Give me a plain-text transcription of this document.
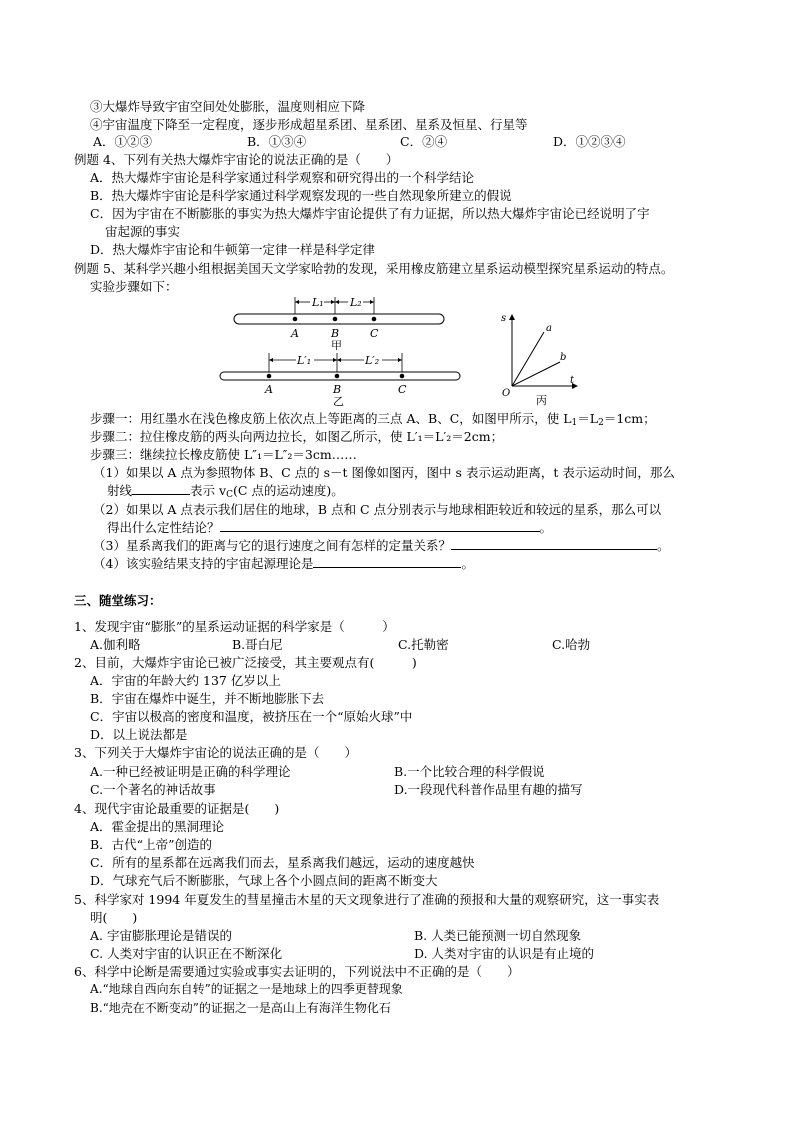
③大爆炸导致宇宙空间处处膨胀，温度则相应下降
④宇宙温度下降至一定程度，逐步形成超星系团、星系团、星系及恒星、行星等
A．①②③	B．①③④	C．②④	D．①②③④
例题 4、下列有关热大爆炸宇宙论的说法正确的是（　　）
A．热大爆炸宇宙论是科学家通过科学观察和研究得出的一个科学结论
B．热大爆炸宇宙论是科学家通过科学观察发现的一些自然现象所建立的假说
C．因为宇宙在不断膨胀的事实为热大爆炸宇宙论提供了有力证据，所以热大爆炸宇宙论已经说明了宇
宙起源的事实
D．热大爆炸宇宙论和牛顿第一定律一样是科学定律
例题 5、某科学兴趣小组根据美国天文学家哈勃的发现，采用橡皮筋建立星系运动模型探究星系运动的特点。
实验步骤如下：
L₁ L₂
A	B	C
甲
L′₁	L′₂
A	B	C
乙
s
t
O
a
b
丙
步骤一：用红墨水在浅色橡皮筋上依次点上等距离的三点 A、B、C，如图甲所示，使 $L_1=L_2=1cm$；
步骤二：拉住橡皮筋的两头向两边拉长，如图乙所示，使 L′₁＝L′₂＝2cm；
步骤三：继续拉长橡皮筋使 L″₁＝L″₂＝3cm……
（1）如果以 A 点为参照物体 B、C 点的 s－t 图像如图丙，图中 s 表示运动距离，t 表示运动时间，那么
射线	表示 $v_C(C$ 点的运动速度)。
（2）如果以 A 点表示我们居住的地球，B 点和 C 点分别表示与地球相距较近和较远的星系，那么可以
得出什么定性结论？	。
（3）星系离我们的距离与它的退行速度之间有怎样的定量关系？	。
（4）该实验结果支持的宇宙起源理论是	。
三、随堂练习：
1、发现宇宙“膨胀”的星系运动证据的科学家是（　　　）
A.伽利略	B.哥白尼	C.托勒密	C.哈勃
2、目前，大爆炸宇宙论已被广泛接受，其主要观点有(　　　)
A．宇宙的年龄大约 137 亿岁以上
B．宇宙在爆炸中诞生，并不断地膨胀下去
C．宇宙以极高的密度和温度，被挤压在一个“原始火球”中
D．以上说法都是
3、下列关于大爆炸宇宙论的说法正确的是（　　）
A.一种已经被证明是正确的科学理论	B.一个比较合理的科学假说
C.一个著名的神话故事	D.一段现代科普作品里有趣的描写
4、现代宇宙论最重要的证据是(　　)
A．霍金提出的黑洞理论
B．古代“上帝”创造的
C．所有的星系都在远离我们而去，星系离我们越远，运动的速度越快
D．气球充气后不断膨胀，气球上各个小圆点间的距离不断变大
5、科学家对 1994 年夏发生的彗星撞击木星的天文现象进行了准确的预报和大量的观察研究，这一事实表
明(　　)
A. 宇宙膨胀理论是错误的	B. 人类已能预测一切自然现象
C. 人类对宇宙的认识正在不断深化	D. 人类对宇宙的认识是有止境的
6、科学中论断是需要通过实验或事实去证明的，下列说法中不正确的是（　　）
A.“地球自西向东自转”的证据之一是地球上的四季更替现象
B.“地壳在不断变动”的证据之一是高山上有海洋生物化石
